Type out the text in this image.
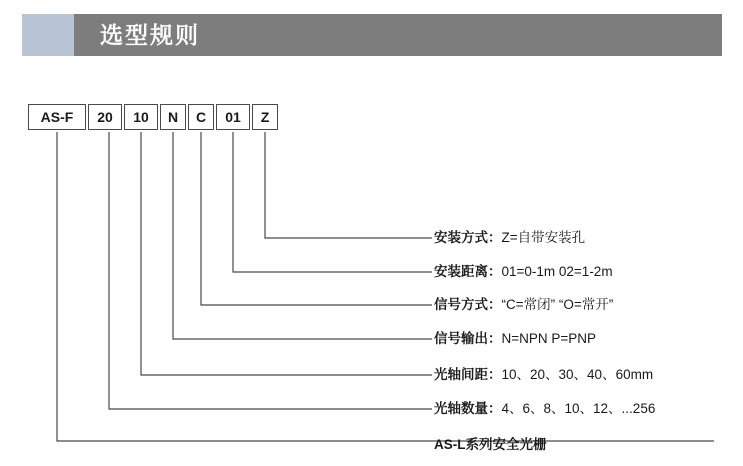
选型规则
AS-F	20	10	N	C	01	Z
安装方式：Z=自带安装孔
安装距离：01=0-1m 02=1-2m
信号方式：“C=常闭” “O=常开”
信号输出：N=NPN P=PNP
光轴间距：10、20、30、40、60mm
光轴数量：4、6、8、10、12、...256
AS-L系列安全光栅
